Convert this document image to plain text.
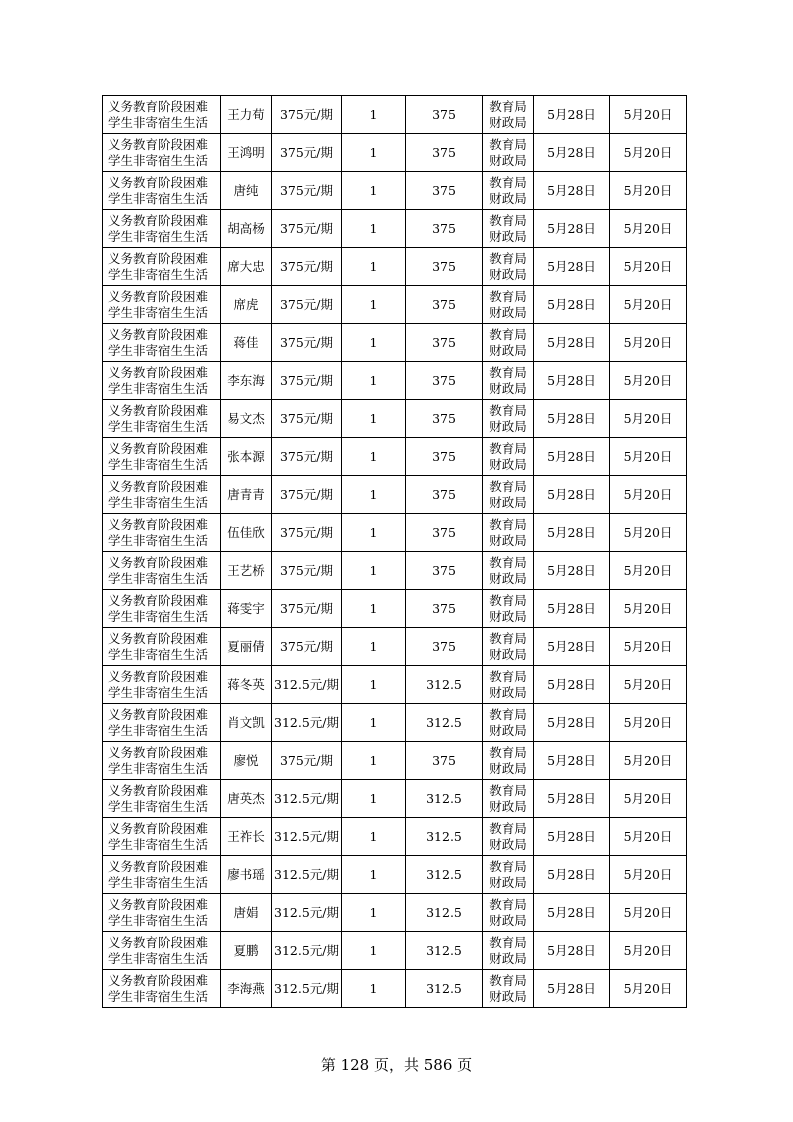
义务教育阶段困难学生非寄宿生生活	王力荀	375元/期	1	375	教育局财政局	5月28日	5月20日
义务教育阶段困难学生非寄宿生生活	王鸿明	375元/期	1	375	教育局财政局	5月28日	5月20日
义务教育阶段困难学生非寄宿生生活	唐纯	375元/期	1	375	教育局财政局	5月28日	5月20日
义务教育阶段困难学生非寄宿生生活	胡高杨	375元/期	1	375	教育局财政局	5月28日	5月20日
义务教育阶段困难学生非寄宿生生活	席大忠	375元/期	1	375	教育局财政局	5月28日	5月20日
义务教育阶段困难学生非寄宿生生活	席虎	375元/期	1	375	教育局财政局	5月28日	5月20日
义务教育阶段困难学生非寄宿生生活	蒋佳	375元/期	1	375	教育局财政局	5月28日	5月20日
义务教育阶段困难学生非寄宿生生活	李东海	375元/期	1	375	教育局财政局	5月28日	5月20日
义务教育阶段困难学生非寄宿生生活	易文杰	375元/期	1	375	教育局财政局	5月28日	5月20日
义务教育阶段困难学生非寄宿生生活	张本源	375元/期	1	375	教育局财政局	5月28日	5月20日
义务教育阶段困难学生非寄宿生生活	唐青青	375元/期	1	375	教育局财政局	5月28日	5月20日
义务教育阶段困难学生非寄宿生生活	伍佳欣	375元/期	1	375	教育局财政局	5月28日	5月20日
义务教育阶段困难学生非寄宿生生活	王艺桥	375元/期	1	375	教育局财政局	5月28日	5月20日
义务教育阶段困难学生非寄宿生生活	蒋雯宇	375元/期	1	375	教育局财政局	5月28日	5月20日
义务教育阶段困难学生非寄宿生生活	夏丽倩	375元/期	1	375	教育局财政局	5月28日	5月20日
义务教育阶段困难学生非寄宿生生活	蒋冬英	312.5元/期	1	312.5	教育局财政局	5月28日	5月20日
义务教育阶段困难学生非寄宿生生活	肖文凯	312.5元/期	1	312.5	教育局财政局	5月28日	5月20日
义务教育阶段困难学生非寄宿生生活	廖悦	375元/期	1	375	教育局财政局	5月28日	5月20日
义务教育阶段困难学生非寄宿生生活	唐英杰	312.5元/期	1	312.5	教育局财政局	5月28日	5月20日
义务教育阶段困难学生非寄宿生生活	王祚长	312.5元/期	1	312.5	教育局财政局	5月28日	5月20日
义务教育阶段困难学生非寄宿生生活	廖书瑶	312.5元/期	1	312.5	教育局财政局	5月28日	5月20日
义务教育阶段困难学生非寄宿生生活	唐娟	312.5元/期	1	312.5	教育局财政局	5月28日	5月20日
义务教育阶段困难学生非寄宿生生活	夏鹏	312.5元/期	1	312.5	教育局财政局	5月28日	5月20日
义务教育阶段困难学生非寄宿生生活	李海燕	312.5元/期	1	312.5	教育局财政局	5月28日	5月20日
第 128 页，共 586 页
